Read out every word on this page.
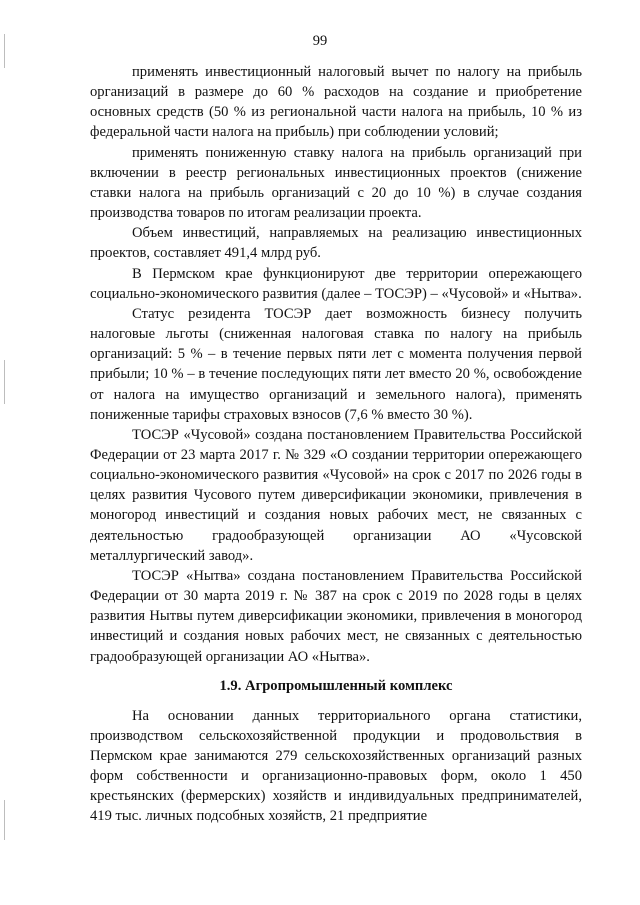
99

применять инвестиционный налоговый вычет по налогу на прибыль организаций в размере до 60 % расходов на создание и приобретение основных средств (50 % из региональной части налога на прибыль, 10 % из федеральной части налога на прибыль) при соблюдении условий;

применять пониженную ставку налога на прибыль организаций при включении в реестр региональных инвестиционных проектов (снижение ставки налога на прибыль организаций с 20 до 10 %) в случае создания производства товаров по итогам реализации проекта.

Объем инвестиций, направляемых на реализацию инвестиционных проектов, составляет 491,4 млрд руб.

В Пермском крае функционируют две территории опережающего социально-экономического развития (далее – ТОСЭР) – «Чусовой» и «Нытва».

Статус резидента ТОСЭР дает возможность бизнесу получить налоговые льготы (сниженная налоговая ставка по налогу на прибыль организаций: 5 % – в течение первых пяти лет с момента получения первой прибыли; 10 % – в течение последующих пяти лет вместо 20 %, освобождение от налога на имущество организаций и земельного налога), применять пониженные тарифы страховых взносов (7,6 % вместо 30 %).

ТОСЭР «Чусовой» создана постановлением Правительства Российской Федерации от 23 марта 2017 г. № 329 «О создании территории опережающего социально-экономического развития «Чусовой» на срок с 2017 по 2026 годы в целях развития Чусового путем диверсификации экономики, привлечения в моногород инвестиций и создания новых рабочих мест, не связанных с деятельностью градообразующей организации АО «Чусовской металлургический завод».

ТОСЭР «Нытва» создана постановлением Правительства Российской Федерации от 30 марта 2019 г. № 387 на срок с 2019 по 2028 годы в целях развития Нытвы путем диверсификации экономики, привлечения в моногород инвестиций и создания новых рабочих мест, не связанных с деятельностью градообразующей организации АО «Нытва».

1.9. Агропромышленный комплекс

На основании данных территориального органа статистики, производством сельскохозяйственной продукции и продовольствия в Пермском крае занимаются 279 сельскохозяйственных организаций разных форм собственности и организационно-правовых форм, около 1 450 крестьянских (фермерских) хозяйств и индивидуальных предпринимателей, 419 тыс. личных подсобных хозяйств, 21 предприятие
